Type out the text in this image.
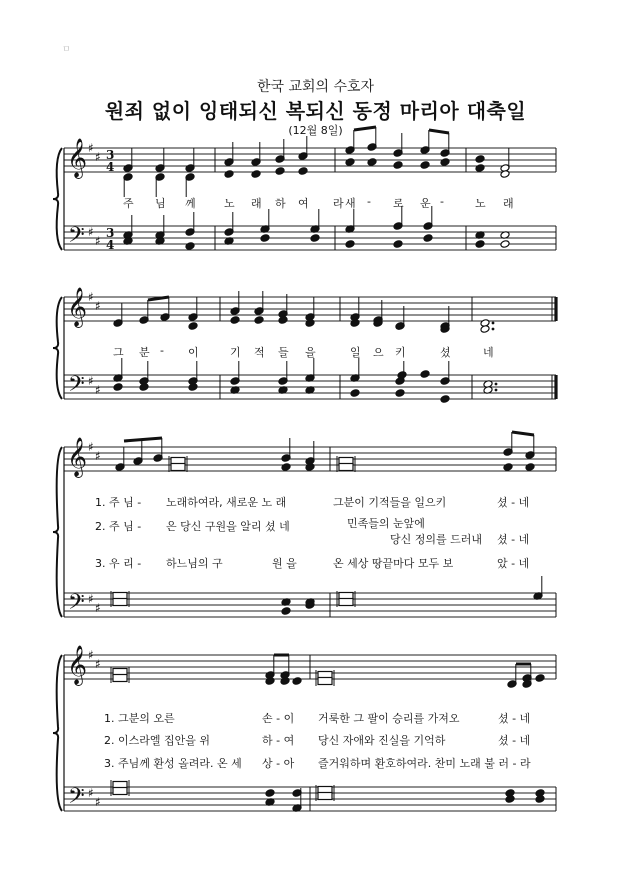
ㅁ
한국 교회의 수호자
원죄 없이 잉태되신 복되신 동정 마리아 대축일
(12월 8일)
𝄞
𝄢
♯
♯
♯
♯
3
4
3
4
𝄞
𝄢
♯
♯
♯
♯
𝄞
𝄢
♯
♯
♯
♯
𝄞
𝄢
♯
♯
♯
♯
주 님 께	노 래 하 여 라 새 - 로 운 -	노 래
그 분 - 이	기 적 들 을	일 으 키	셨	네
1. 주 님 - 노래하여라, 새로운 노 래	그분이 기적들을 일으키	셨 - 네
2. 주 님 - 은 당신 구원을 알리 셨 네	민족들의 눈앞에
당신 정의를 드러내 셨 - 네
3. 우 리 - 하느님의 구	원 을	온 세상 땅끝마다 모두 보	았 - 네
1. 그분의 오른	손 - 이 거룩한 그 팔이 승리를 가져오	셨 - 네
2. 이스라엘 집안을 위	하 - 여 당신 자애와 진실을 기억하	셨 - 네
3. 주님께 환성 올려라. 온 세 상 - 아 즐거워하며 환호하여라. 찬미 노래 불 러 - 라
